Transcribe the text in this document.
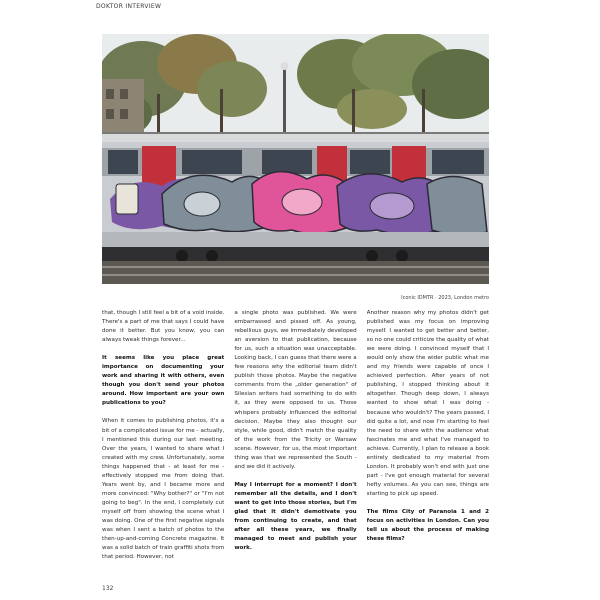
DOKTOR INTERVIEW
Iconic IDMTR · 2023, London metro

that, though I still feel a bit of a void inside. There's a part of me that says I could have done it better. But you know, you can always tweak things forever...

It seems like you place great importance on documenting your work and sharing it with others, even though you don't send your photos around. How important are your own publications to you?

When it comes to publishing photos, it's a bit of a complicated issue for me - actually, I mentioned this during our last meeting. Over the years, I wanted to share what I created with my crew. Unfortunately, some things happened that - at least for me - effectively stopped me from doing that. Years went by, and I became more and more convinced: "Why bother?" or "I'm not going to beg". In the end, I completely cut myself off from showing the scene what I was doing. One of the first negative signals was when I sent a batch of photos to the then-up-and-coming Concrete magazine. It was a solid batch of train graffiti shots from that period. However, not

a single photo was published. We were embarrassed and pissed off. As young, rebellious guys, we immediately developed an aversion to that publication, because for us, such a situation was unacceptable. Looking back, I can guess that there were a few reasons why the editorial team didn't publish those photos. Maybe the negative comments from the „older generation" of Silesian writers had something to do with it, as they were opposed to us. Those whispers probably influenced the editorial decision. Maybe they also thought our style, while good, didn't match the quality of the work from the Tricity or Warsaw scene. However, for us, the most important thing was that we represented the South - and we did it actively.

May I interrupt for a moment? I don't remember all the details, and I don't want to get into those stories, but I'm glad that it didn't demotivate you from continuing to create, and that after all these years, we finally managed to meet and publish your work.

Another reason why my photos didn't get published was my focus on improving myself. I wanted to get better and better, so no one could criticize the quality of what we were doing. I convinced myself that I would only show the wider public what me and my friends were capable of once I achieved perfection. After years of not publishing, I stopped thinking about it altogether. Though deep down, I always wanted to show what I was doing - because who wouldn't? The years passed, I did quite a lot, and now I'm starting to feel the need to share with the audience what fascinates me and what I've managed to achieve. Currently, I plan to release a book entirely dedicated to my material from London. It probably won't end with just one part - I've got enough material for several hefty volumes. As you can see, things are starting to pick up speed.

The films City of Paranoia 1 and 2 focus on activities in London. Can you tell us about the process of making these films?

132
